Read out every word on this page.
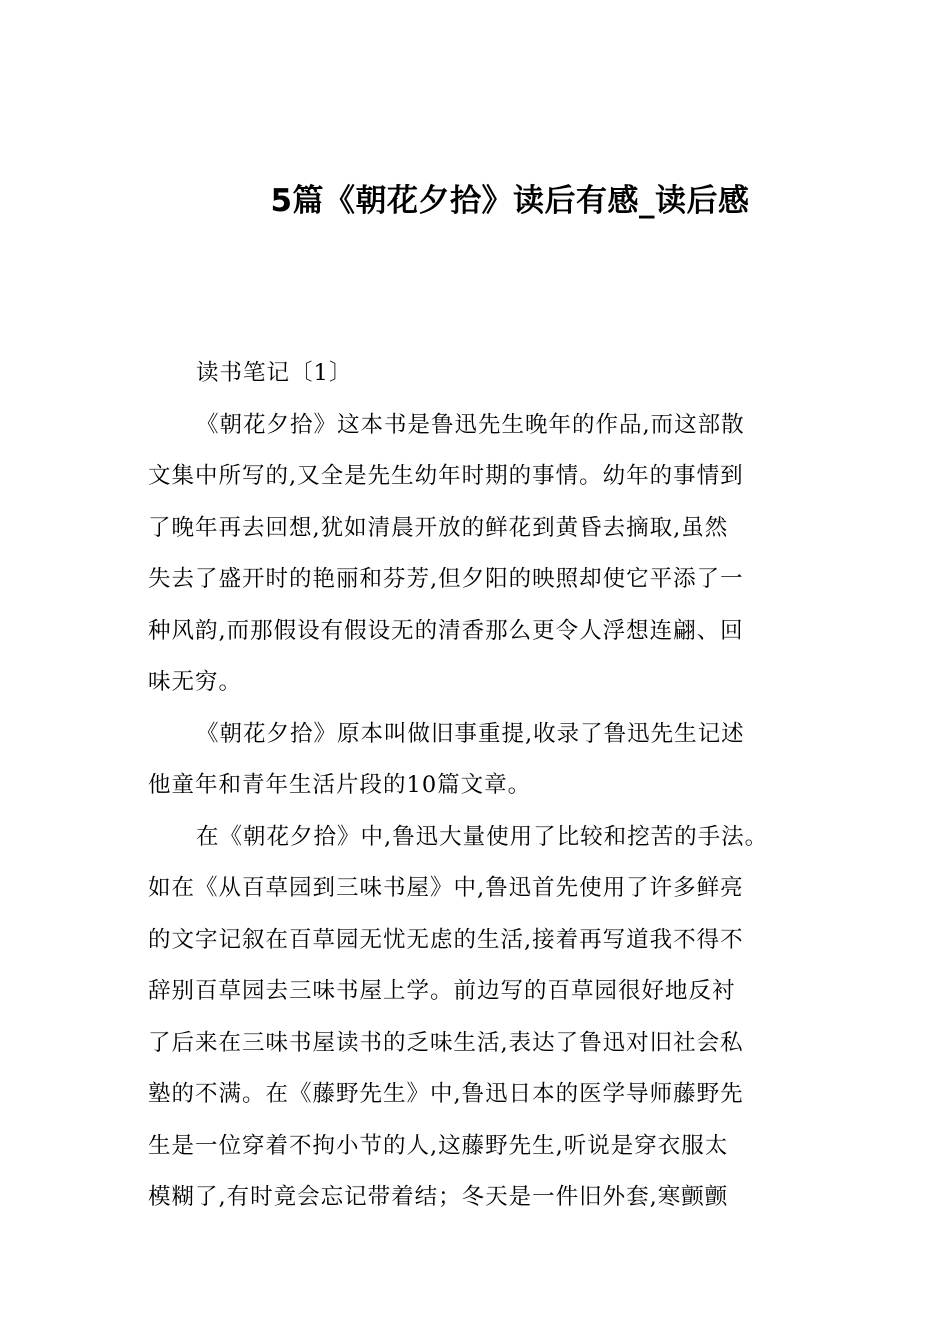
5篇《朝花夕拾》读后有感_读后感
读书笔记〔1〕
《朝花夕拾》这本书是鲁迅先生晚年的作品,而这部散
文集中所写的,又全是先生幼年时期的事情。幼年的事情到
了晚年再去回想,犹如清晨开放的鲜花到黄昏去摘取,虽然
失去了盛开时的艳丽和芬芳,但夕阳的映照却使它平添了一
种风韵,而那假设有假设无的清香那么更令人浮想连翩、回
味无穷。
《朝花夕拾》原本叫做旧事重提,收录了鲁迅先生记述
他童年和青年生活片段的10篇文章。
在《朝花夕拾》中,鲁迅大量使用了比较和挖苦的手法。
如在《从百草园到三味书屋》中,鲁迅首先使用了许多鲜亮
的文字记叙在百草园无忧无虑的生活,接着再写道我不得不
辞别百草园去三味书屋上学。前边写的百草园很好地反衬
了后来在三味书屋读书的乏味生活,表达了鲁迅对旧社会私
塾的不满。在《藤野先生》中,鲁迅日本的医学导师藤野先
生是一位穿着不拘小节的人,这藤野先生,听说是穿衣服太
模糊了,有时竟会忘记带着结；冬天是一件旧外套,寒颤颤
